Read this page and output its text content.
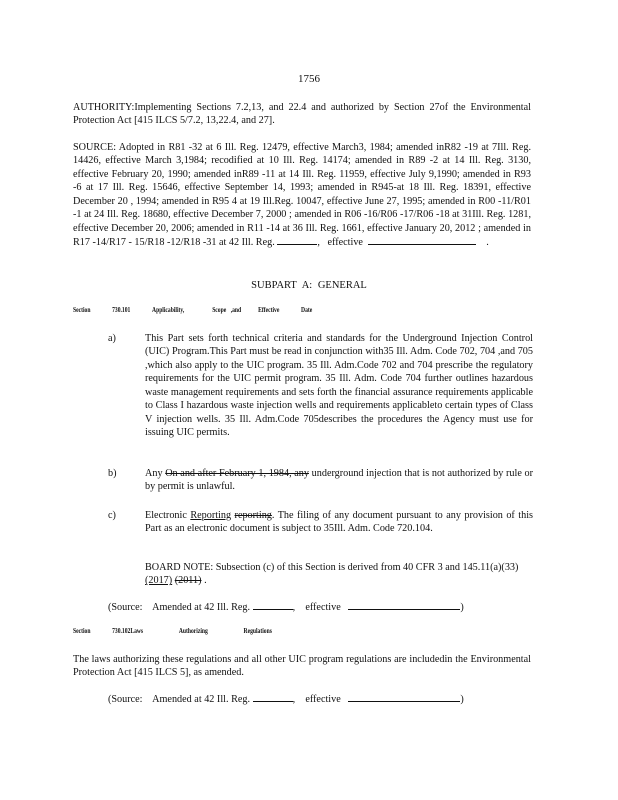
1756
AUTHORITY:Implementing Sections 7.2,13, and 22.4 and authorized by Section 27of the Environmental Protection Act [415 ILCS 5/7.2, 13,22.4, and 27].
SOURCE: Adopted in R81 -32 at 6 Ill. Reg. 12479, effective March3, 1984; amended inR82 -19 at 7Ill. Reg. 14426, effective March 3,1984; recodified at 10 Ill. Reg. 14174; amended in R89 -2 at 14 Ill. Reg. 3130, effective February 20, 1990; amended inR89 -11 at 14 Ill. Reg. 11959, effective July 9,1990; amended in R93 -6 at 17 Ill. Reg. 15646, effective September 14, 1993; amended in R945-at 18 Ill. Reg. 18391, effective December 20 , 1994; amended in R95 4 at 19 Ill.Reg. 10047, effective June 27, 1995; amended in R00 -11/R01 -1 at 24 Ill. Reg. 18680, effective December 7, 2000 ; amended in R06 -16/R06 -17/R06 -18 at 31Ill. Reg. 1281, effective December 20, 2006; amended in R11 -14 at 36 Ill. Reg. 1661, effective January 20, 2012 ; amended in R17 -14/R17 - 15/R18 -12/R18 -31 at 42 Ill. Reg.	, effective	.
SUBPART A: GENERAL
Section	730.101	Applicability,	Scope ,and Effective	Date
a)	This Part sets forth technical criteria and standards for the Underground Injection Control (UIC) Program.This Part must be read in conjunction with35 Ill. Adm. Code 702, 704 ,and 705 ,which also apply to the UIC program. 35 Ill. Adm.Code 702 and 704 prescribe the regulatory requirements for the UIC permit program. 35 Ill. Adm. Code 704 further outlines hazardous waste management requirements and sets forth the financial assurance requirements applicable to Class I hazardous waste injection wells and requirements applicableto certain types of Class V injection wells. 35 Ill. Adm.Code 705describes the procedures the Agency must use for issuing UIC permits.
b)	Any On and after February 1, 1984, any underground injection that is not authorized by rule or by permit is unlawful.
c)	Electronic Reporting reporting. The filing of any document pursuant to any provision of this Part as an electronic document is subject to 35Ill. Adm. Code 720.104.
BOARD NOTE: Subsection (c) of this Section is derived from 40 CFR 3 and 145.11(a)(33) (2017) (2011) .
(Source: Amended at 42 Ill. Reg.	, effective	)
Section	730.102Laws	Authorizing	Regulations
The laws authorizing these regulations and all other UIC program regulations are includedin the Environmental Protection Act [415 ILCS 5], as amended.
(Source: Amended at 42 Ill. Reg.	, effective	)
